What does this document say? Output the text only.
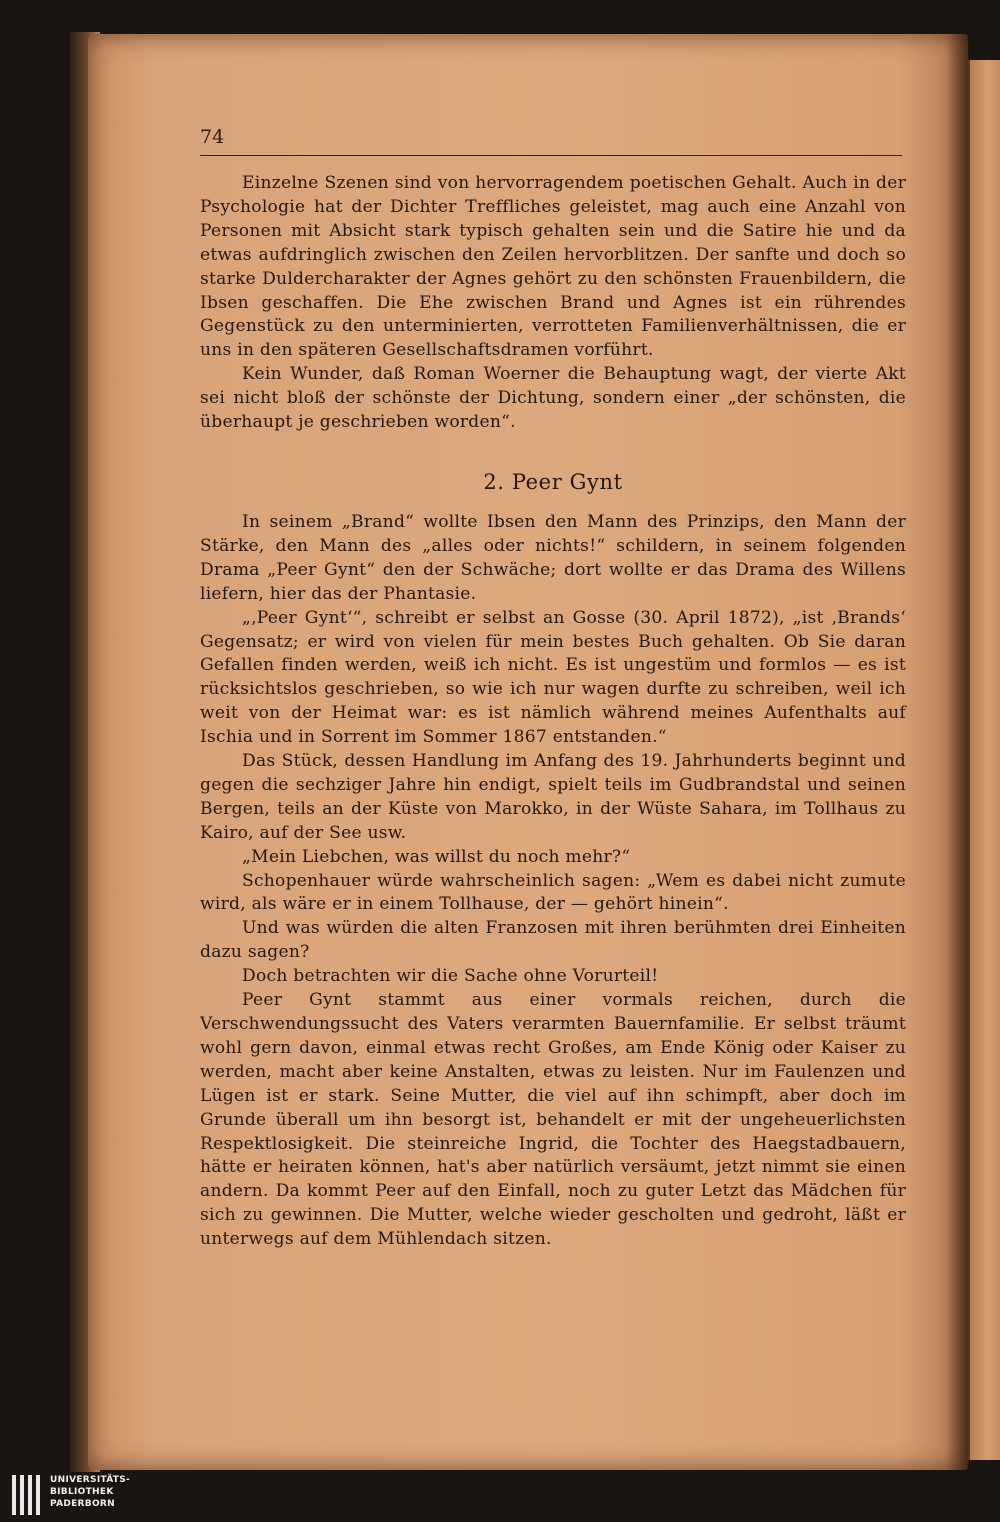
74

Einzelne Szenen sind von hervorragendem poetischen Gehalt. Auch in der Psychologie hat der Dichter Treffliches geleistet, mag auch eine Anzahl von Personen mit Absicht stark typisch gehalten sein und die Satire hie und da etwas aufdringlich zwischen den Zeilen hervorblitzen. Der sanfte und doch so starke Duldercharakter der Agnes gehört zu den schönsten Frauenbildern, die Ibsen geschaffen. Die Ehe zwischen Brand und Agnes ist ein rührendes Gegenstück zu den unterminierten, verrotteten Familienverhältnissen, die er uns in den späteren Gesellschaftsdramen vorführt.

Kein Wunder, daß Roman Woerner die Behauptung wagt, der vierte Akt sei nicht bloß der schönste der Dichtung, sondern einer „der schönsten, die überhaupt je geschrieben worden“.

2. Peer Gynt

In seinem „Brand“ wollte Ibsen den Mann des Prinzips, den Mann der Stärke, den Mann des „alles oder nichts!“ schildern, in seinem folgenden Drama „Peer Gynt“ den der Schwäche; dort wollte er das Drama des Willens liefern, hier das der Phantasie.

„‚Peer Gynt‘“, schreibt er selbst an Gosse (30. April 1872), „ist ‚Brands‘ Gegensatz; er wird von vielen für mein bestes Buch gehalten. Ob Sie daran Gefallen finden werden, weiß ich nicht. Es ist ungestüm und formlos — es ist rücksichtslos geschrieben, so wie ich nur wagen durfte zu schreiben, weil ich weit von der Heimat war: es ist nämlich während meines Aufenthalts auf Ischia und in Sorrent im Sommer 1867 entstanden.“

Das Stück, dessen Handlung im Anfang des 19. Jahrhunderts beginnt und gegen die sechziger Jahre hin endigt, spielt teils im Gudbrandstal und seinen Bergen, teils an der Küste von Marokko, in der Wüste Sahara, im Tollhaus zu Kairo, auf der See usw.

„Mein Liebchen, was willst du noch mehr?“

Schopenhauer würde wahrscheinlich sagen: „Wem es dabei nicht zumute wird, als wäre er in einem Tollhause, der — gehört hinein“.

Und was würden die alten Franzosen mit ihren berühmten drei Einheiten dazu sagen?

Doch betrachten wir die Sache ohne Vorurteil!

Peer Gynt stammt aus einer vormals reichen, durch die Verschwendungssucht des Vaters verarmten Bauernfamilie. Er selbst träumt wohl gern davon, einmal etwas recht Großes, am Ende König oder Kaiser zu werden, macht aber keine Anstalten, etwas zu leisten. Nur im Faulenzen und Lügen ist er stark. Seine Mutter, die viel auf ihn schimpft, aber doch im Grunde überall um ihn besorgt ist, behandelt er mit der ungeheuerlichsten Respektlosigkeit. Die steinreiche Ingrid, die Tochter des Haegstadbauern, hätte er heiraten können, hat's aber natürlich versäumt, jetzt nimmt sie einen andern. Da kommt Peer auf den Einfall, noch zu guter Letzt das Mädchen für sich zu gewinnen. Die Mutter, welche wieder gescholten und gedroht, läßt er unterwegs auf dem Mühlendach sitzen.

UNIVERSITÄTS-
BIBLIOTHEK
PADERBORN
